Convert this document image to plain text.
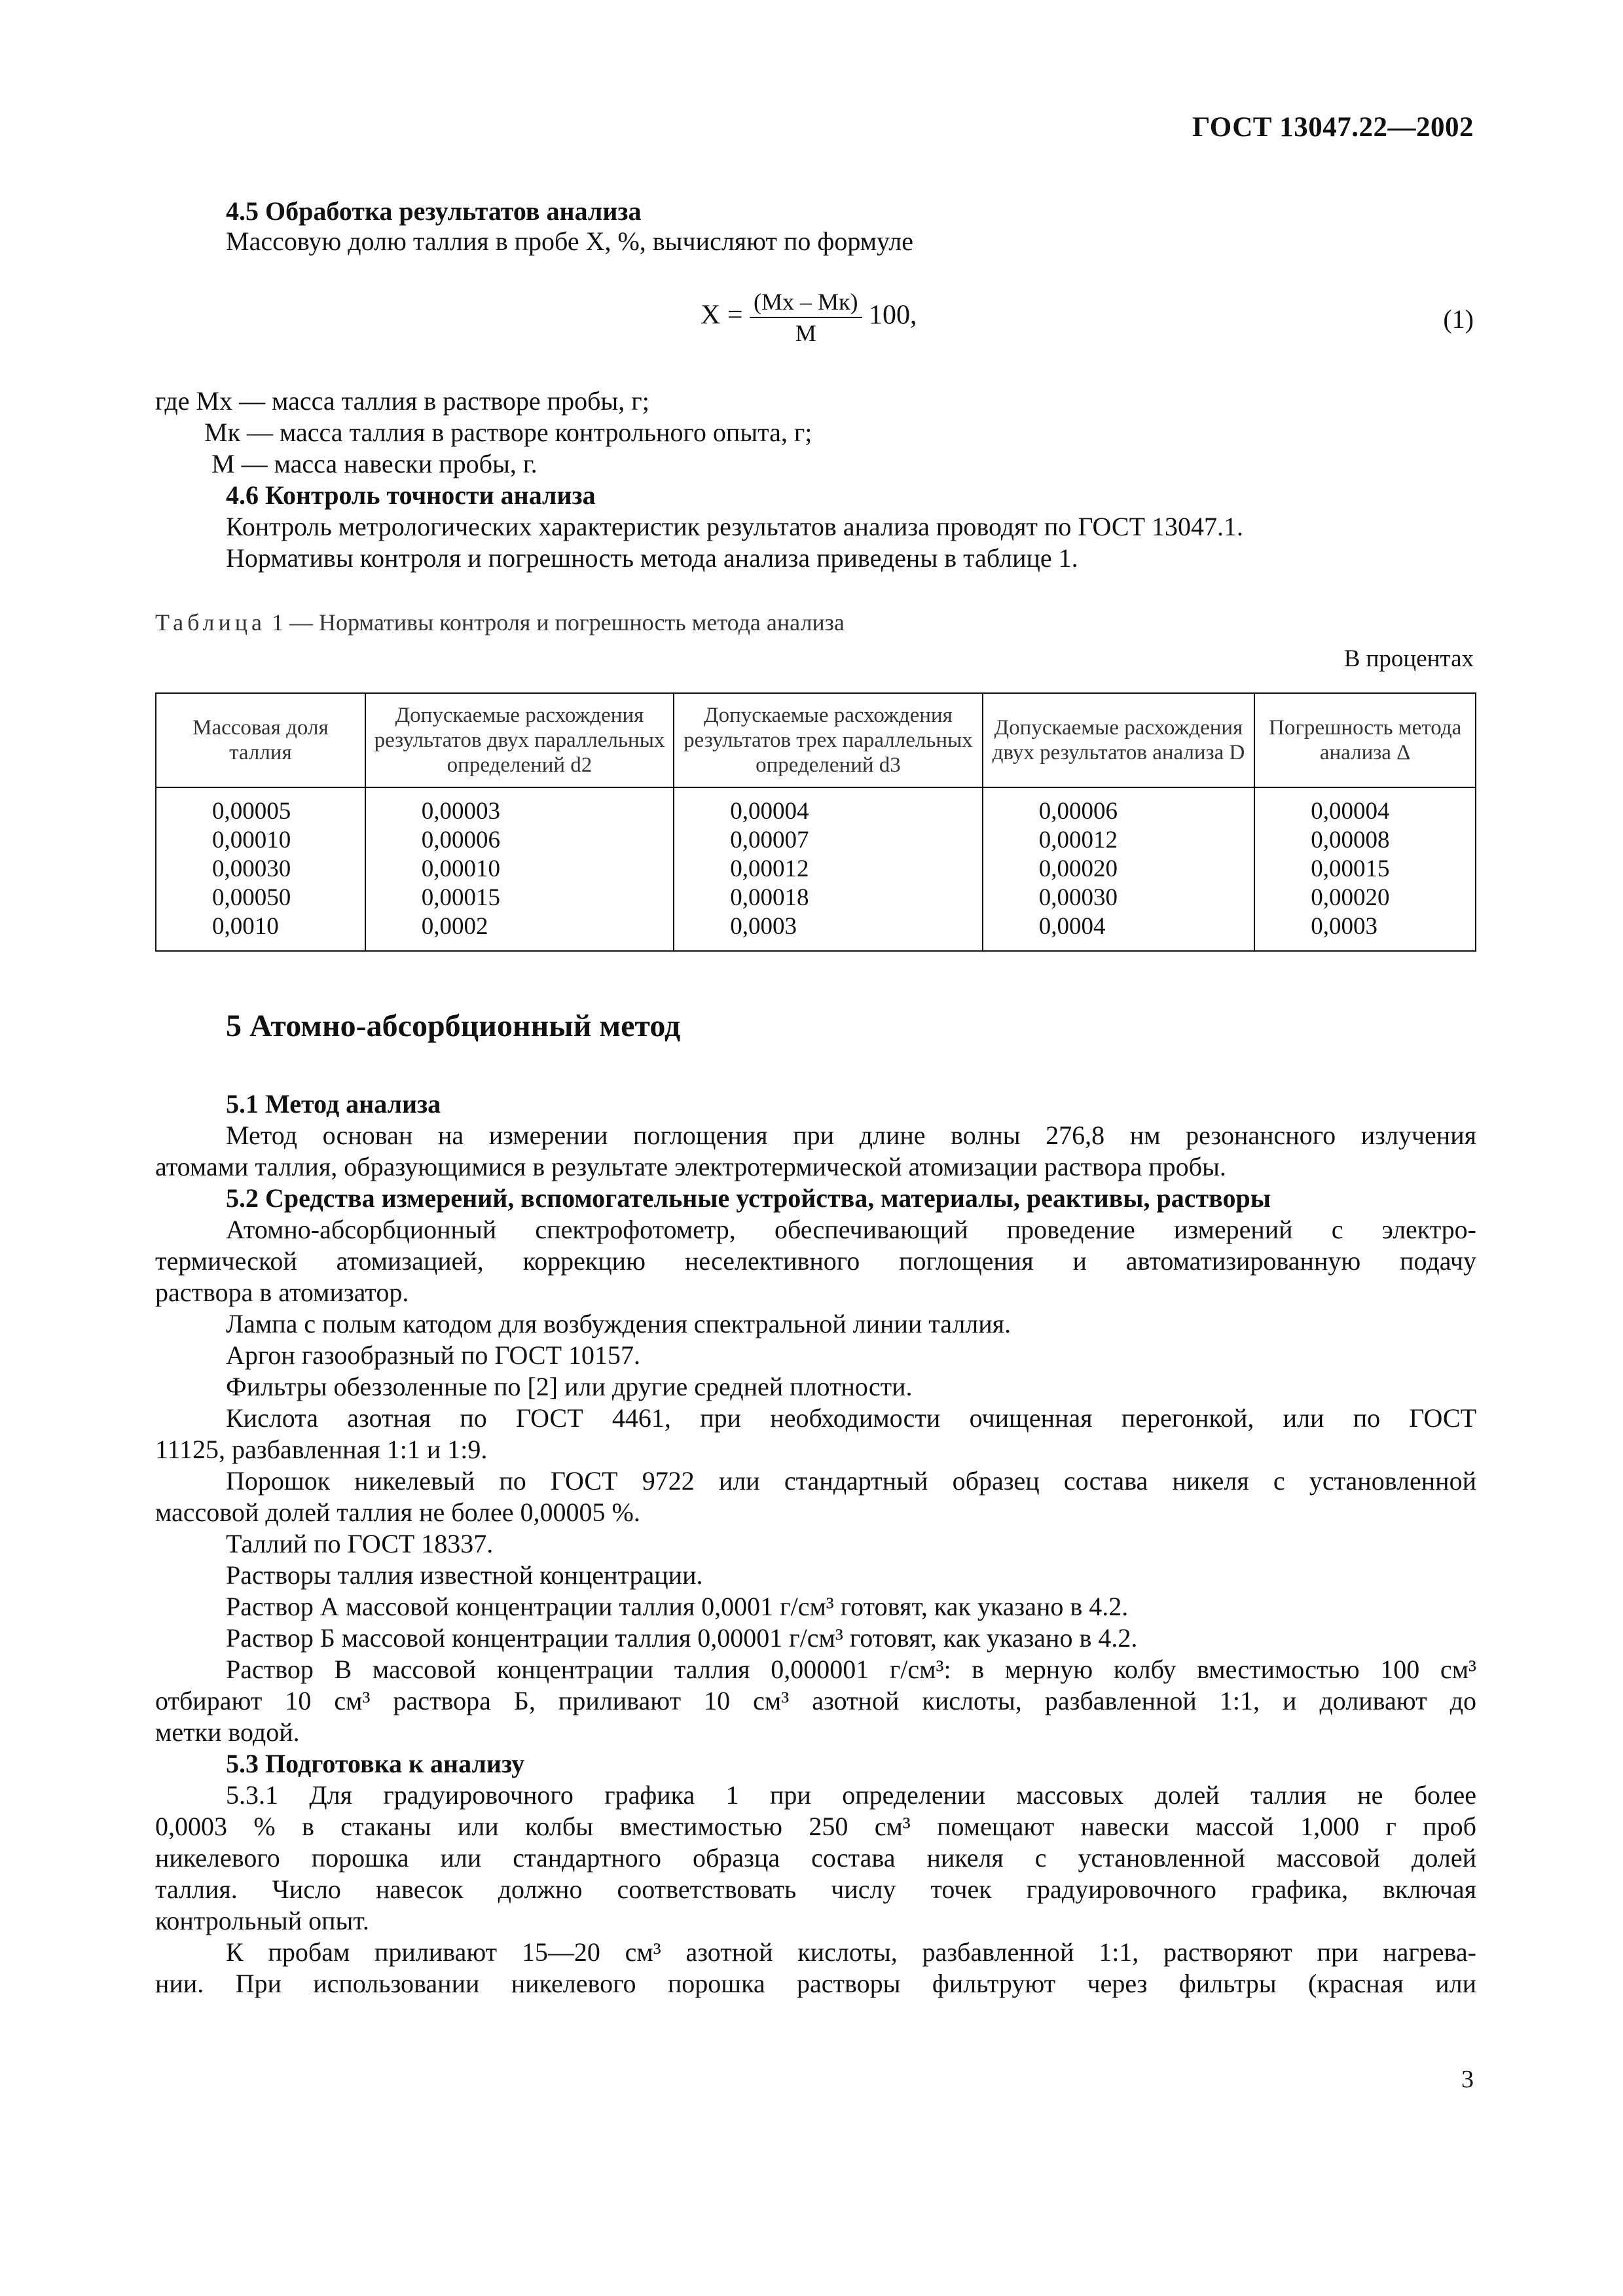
ГОСТ 13047.22—2002
4.5 Обработка результатов анализа
Массовую долю таллия в пробе X, %, вычисляют по формуле
$X = \frac{(Mx - Mк)}{M} 100$,	(1)
где Mx — масса таллия в растворе пробы, г;
Mк — масса таллия в растворе контрольного опыта, г;
M — масса навески пробы, г.
4.6 Контроль точности анализа
Контроль метрологических характеристик результатов анализа проводят по ГОСТ 13047.1.
Нормативы контроля и погрешность метода анализа приведены в таблице 1.
Таблица 1 — Нормативы контроля и погрешность метода анализа
В процентах
Массовая доля таллия	Допускаемые расхождения результатов двух параллельных определений d2	Допускаемые расхождения результатов трех параллельных определений d3	Допускаемые расхождения двух результатов анализа D	Погрешность метода анализа Δ
0,00005	0,00003	0,00004	0,00006	0,00004
0,00010	0,00006	0,00007	0,00012	0,00008
0,00030	0,00010	0,00012	0,00020	0,00015
0,00050	0,00015	0,00018	0,00030	0,00020
0,0010	0,0002	0,0003	0,0004	0,0003
5 Атомно-абсорбционный метод
5.1 Метод анализа
Метод основан на измерении поглощения при длине волны 276,8 нм резонансного излучения
атомами таллия, образующимися в результате электротермической атомизации раствора пробы.
5.2 Средства измерений, вспомогательные устройства, материалы, реактивы, растворы
Атомно-абсорбционный спектрофотометр, обеспечивающий проведение измерений с электро-
термической атомизацией, коррекцию неселективного поглощения и автоматизированную подачу
раствора в атомизатор.
Лампа с полым катодом для возбуждения спектральной линии таллия.
Аргон газообразный по ГОСТ 10157.
Фильтры обеззоленные по [2] или другие средней плотности.
Кислота азотная по ГОСТ 4461, при необходимости очищенная перегонкой, или по ГОСТ
11125, разбавленная 1:1 и 1:9.
Порошок никелевый по ГОСТ 9722 или стандартный образец состава никеля с установленной
массовой долей таллия не более 0,00005 %.
Таллий по ГОСТ 18337.
Растворы таллия известной концентрации.
Раствор А массовой концентрации таллия 0,0001 г/см³ готовят, как указано в 4.2.
Раствор Б массовой концентрации таллия 0,00001 г/см³ готовят, как указано в 4.2.
Раствор В массовой концентрации таллия 0,000001 г/см³: в мерную колбу вместимостью 100 см³
отбирают 10 см³ раствора Б, приливают 10 см³ азотной кислоты, разбавленной 1:1, и доливают до
метки водой.
5.3 Подготовка к анализу
5.3.1 Для градуировочного графика 1 при определении массовых долей таллия не более
0,0003 % в стаканы или колбы вместимостью 250 см³ помещают навески массой 1,000 г проб
никелевого порошка или стандартного образца состава никеля с установленной массовой долей
таллия. Число навесок должно соответствовать числу точек градуировочного графика, включая
контрольный опыт.
К пробам приливают 15—20 см³ азотной кислоты, разбавленной 1:1, растворяют при нагрева-
нии. При использовании никелевого порошка растворы фильтруют через фильтры (красная или
3
